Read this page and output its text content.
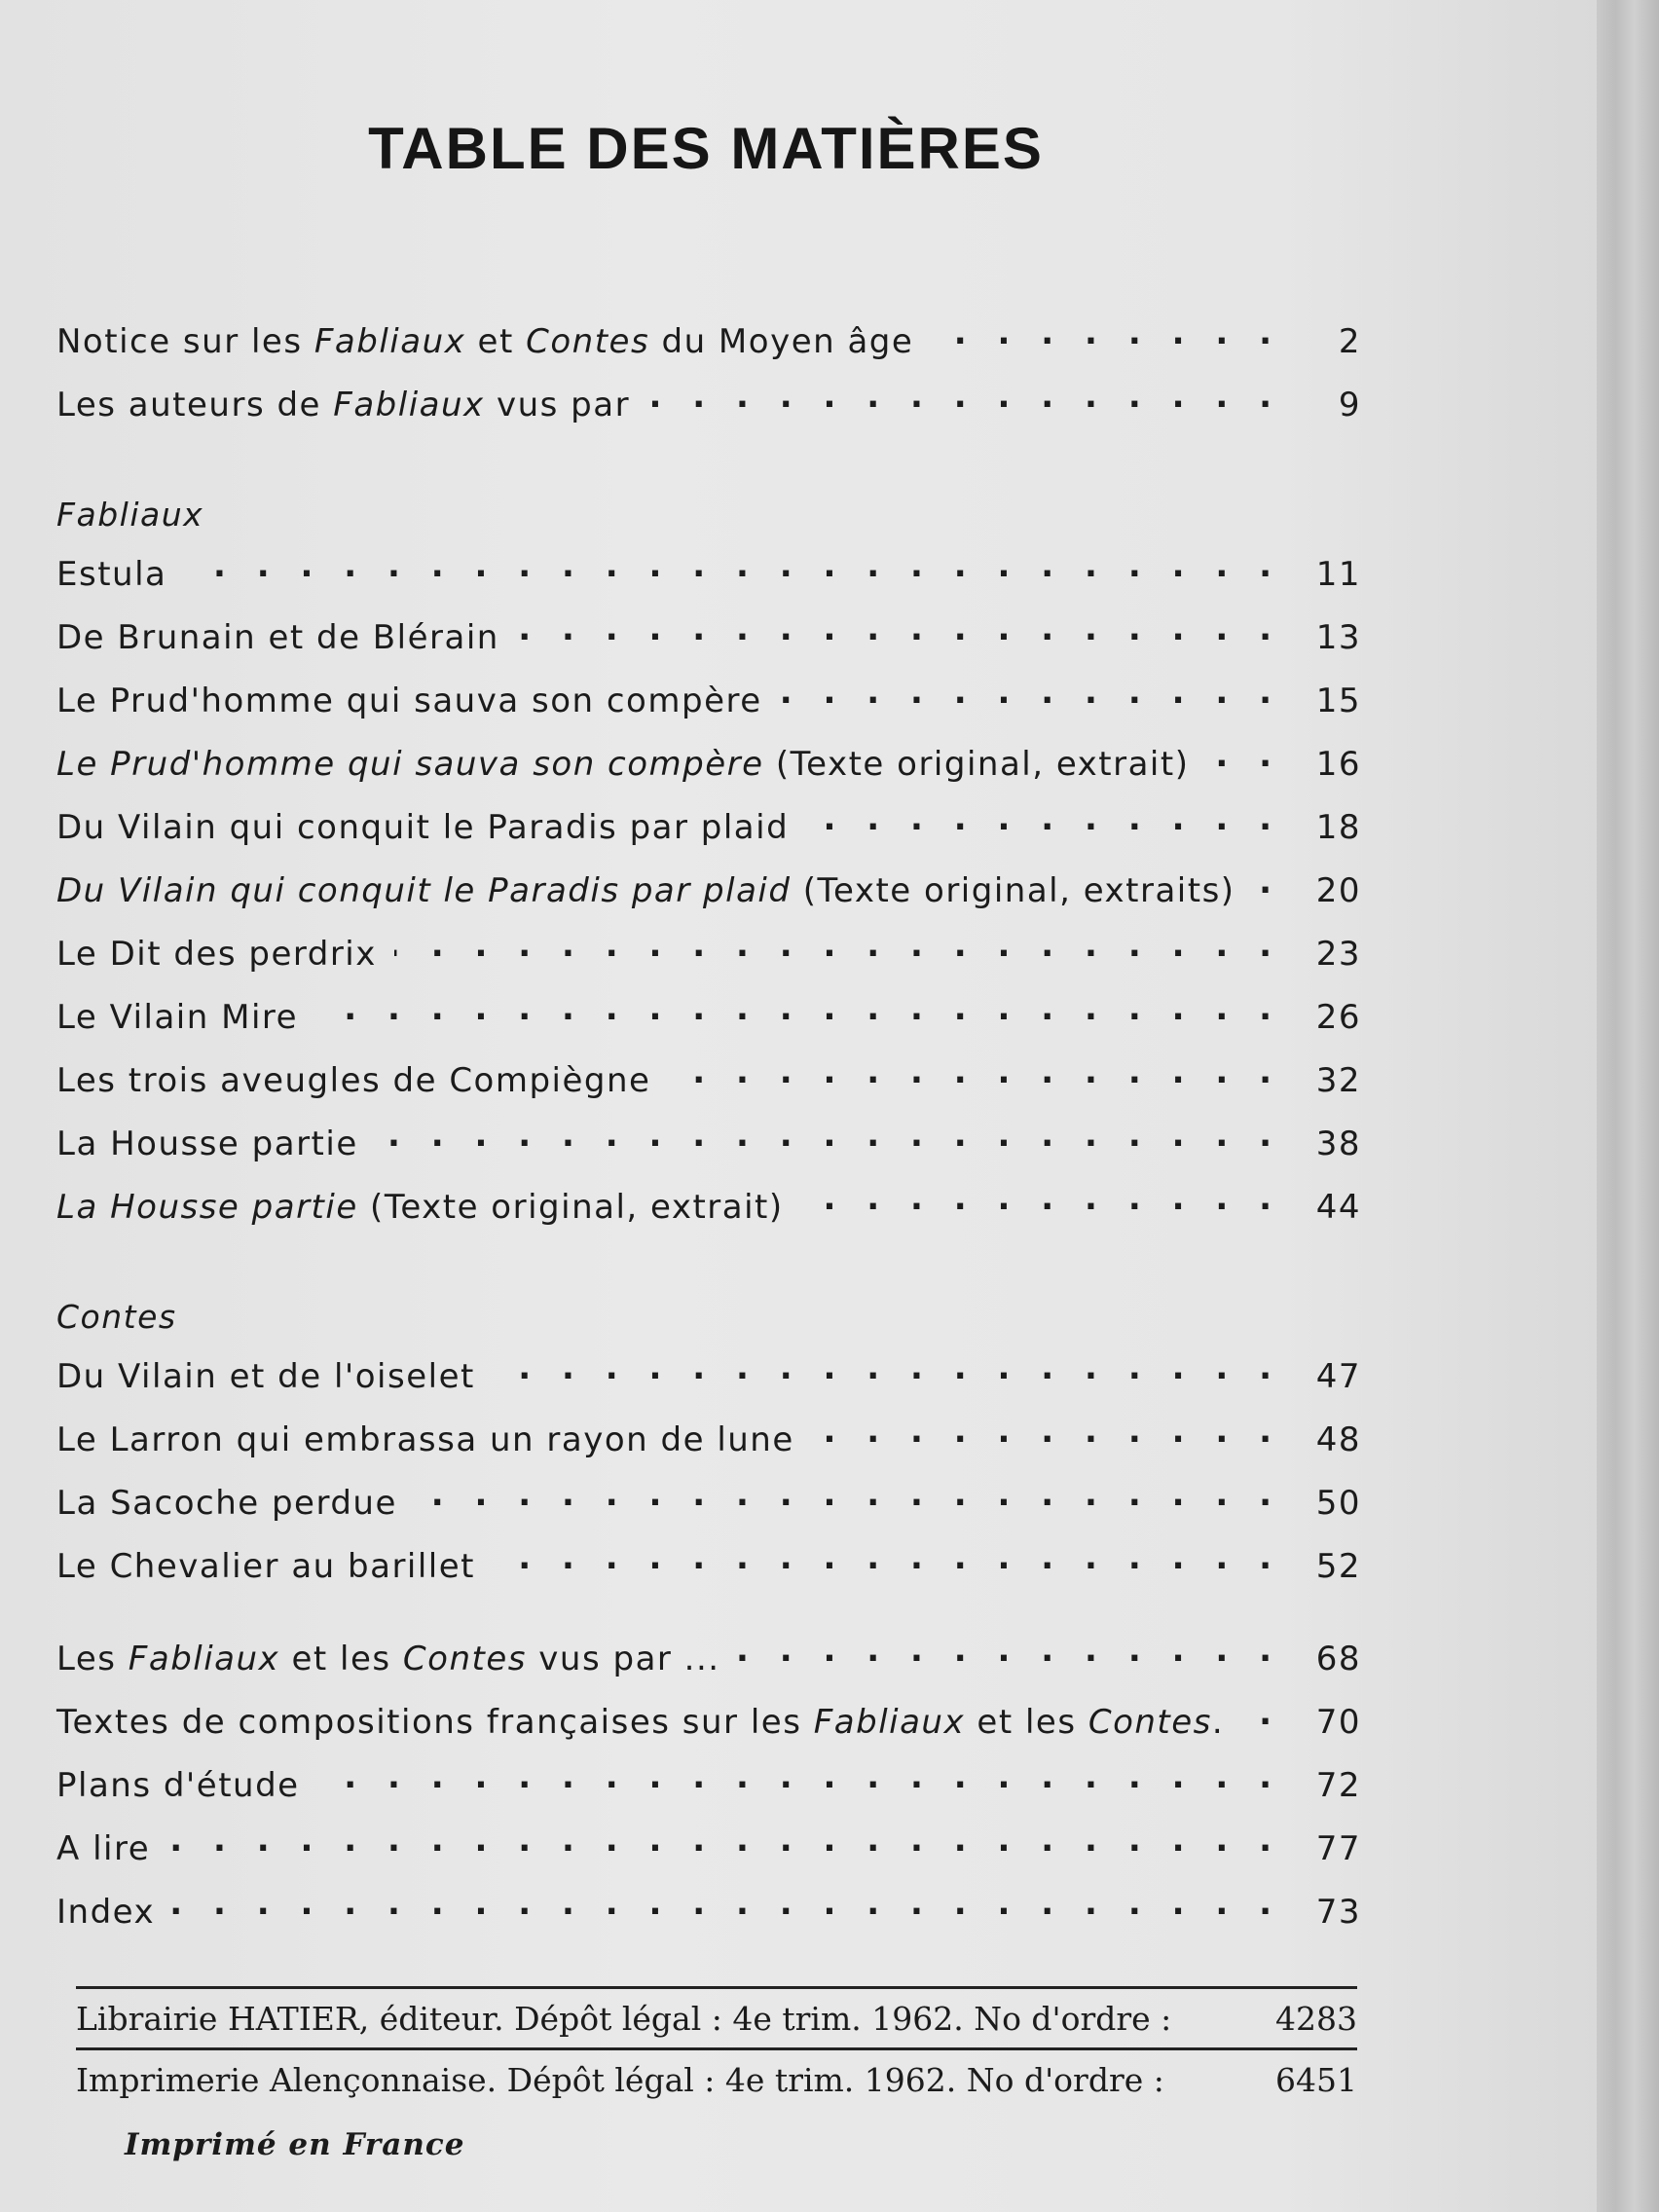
TABLE DES MATIÈRES
Notice sur les Fabliaux et Contes du Moyen âge . . .	2
Les auteurs de Fabliaux vus par . . .	9
Fabliaux
Estula . . .	11
De Brunain et de Blérain . . .	13
Le Prud'homme qui sauva son compère . . .	15
Le Prud'homme qui sauva son compère (Texte original, extrait) . . .	16
Du Vilain qui conquit le Paradis par plaid . . .	18
Du Vilain qui conquit le Paradis par plaid (Texte original, extraits) . . .	20
Le Dit des perdrix . . .	23
Le Vilain Mire . . .	26
Les trois aveugles de Compiègne . . .	32
La Housse partie . . .	38
La Housse partie (Texte original, extrait) . . .	44
Contes
Du Vilain et de l'oiselet . . .	47
Le Larron qui embrassa un rayon de lune . . .	48
La Sacoche perdue . . .	50
Le Chevalier au barillet . . .	52
Les Fabliaux et les Contes vus par ... . . .	68
Textes de compositions françaises sur les Fabliaux et les Contes. . . .	70
Plans d'étude . . .	72
A lire . . .	77
Index . . .	73
Librairie HATIER, éditeur. Dépôt légal : 4e trim. 1962. No d'ordre :	4283
Imprimerie Alençonnaise. Dépôt légal : 4e trim. 1962. No d'ordre :	6451
Imprimé en France
